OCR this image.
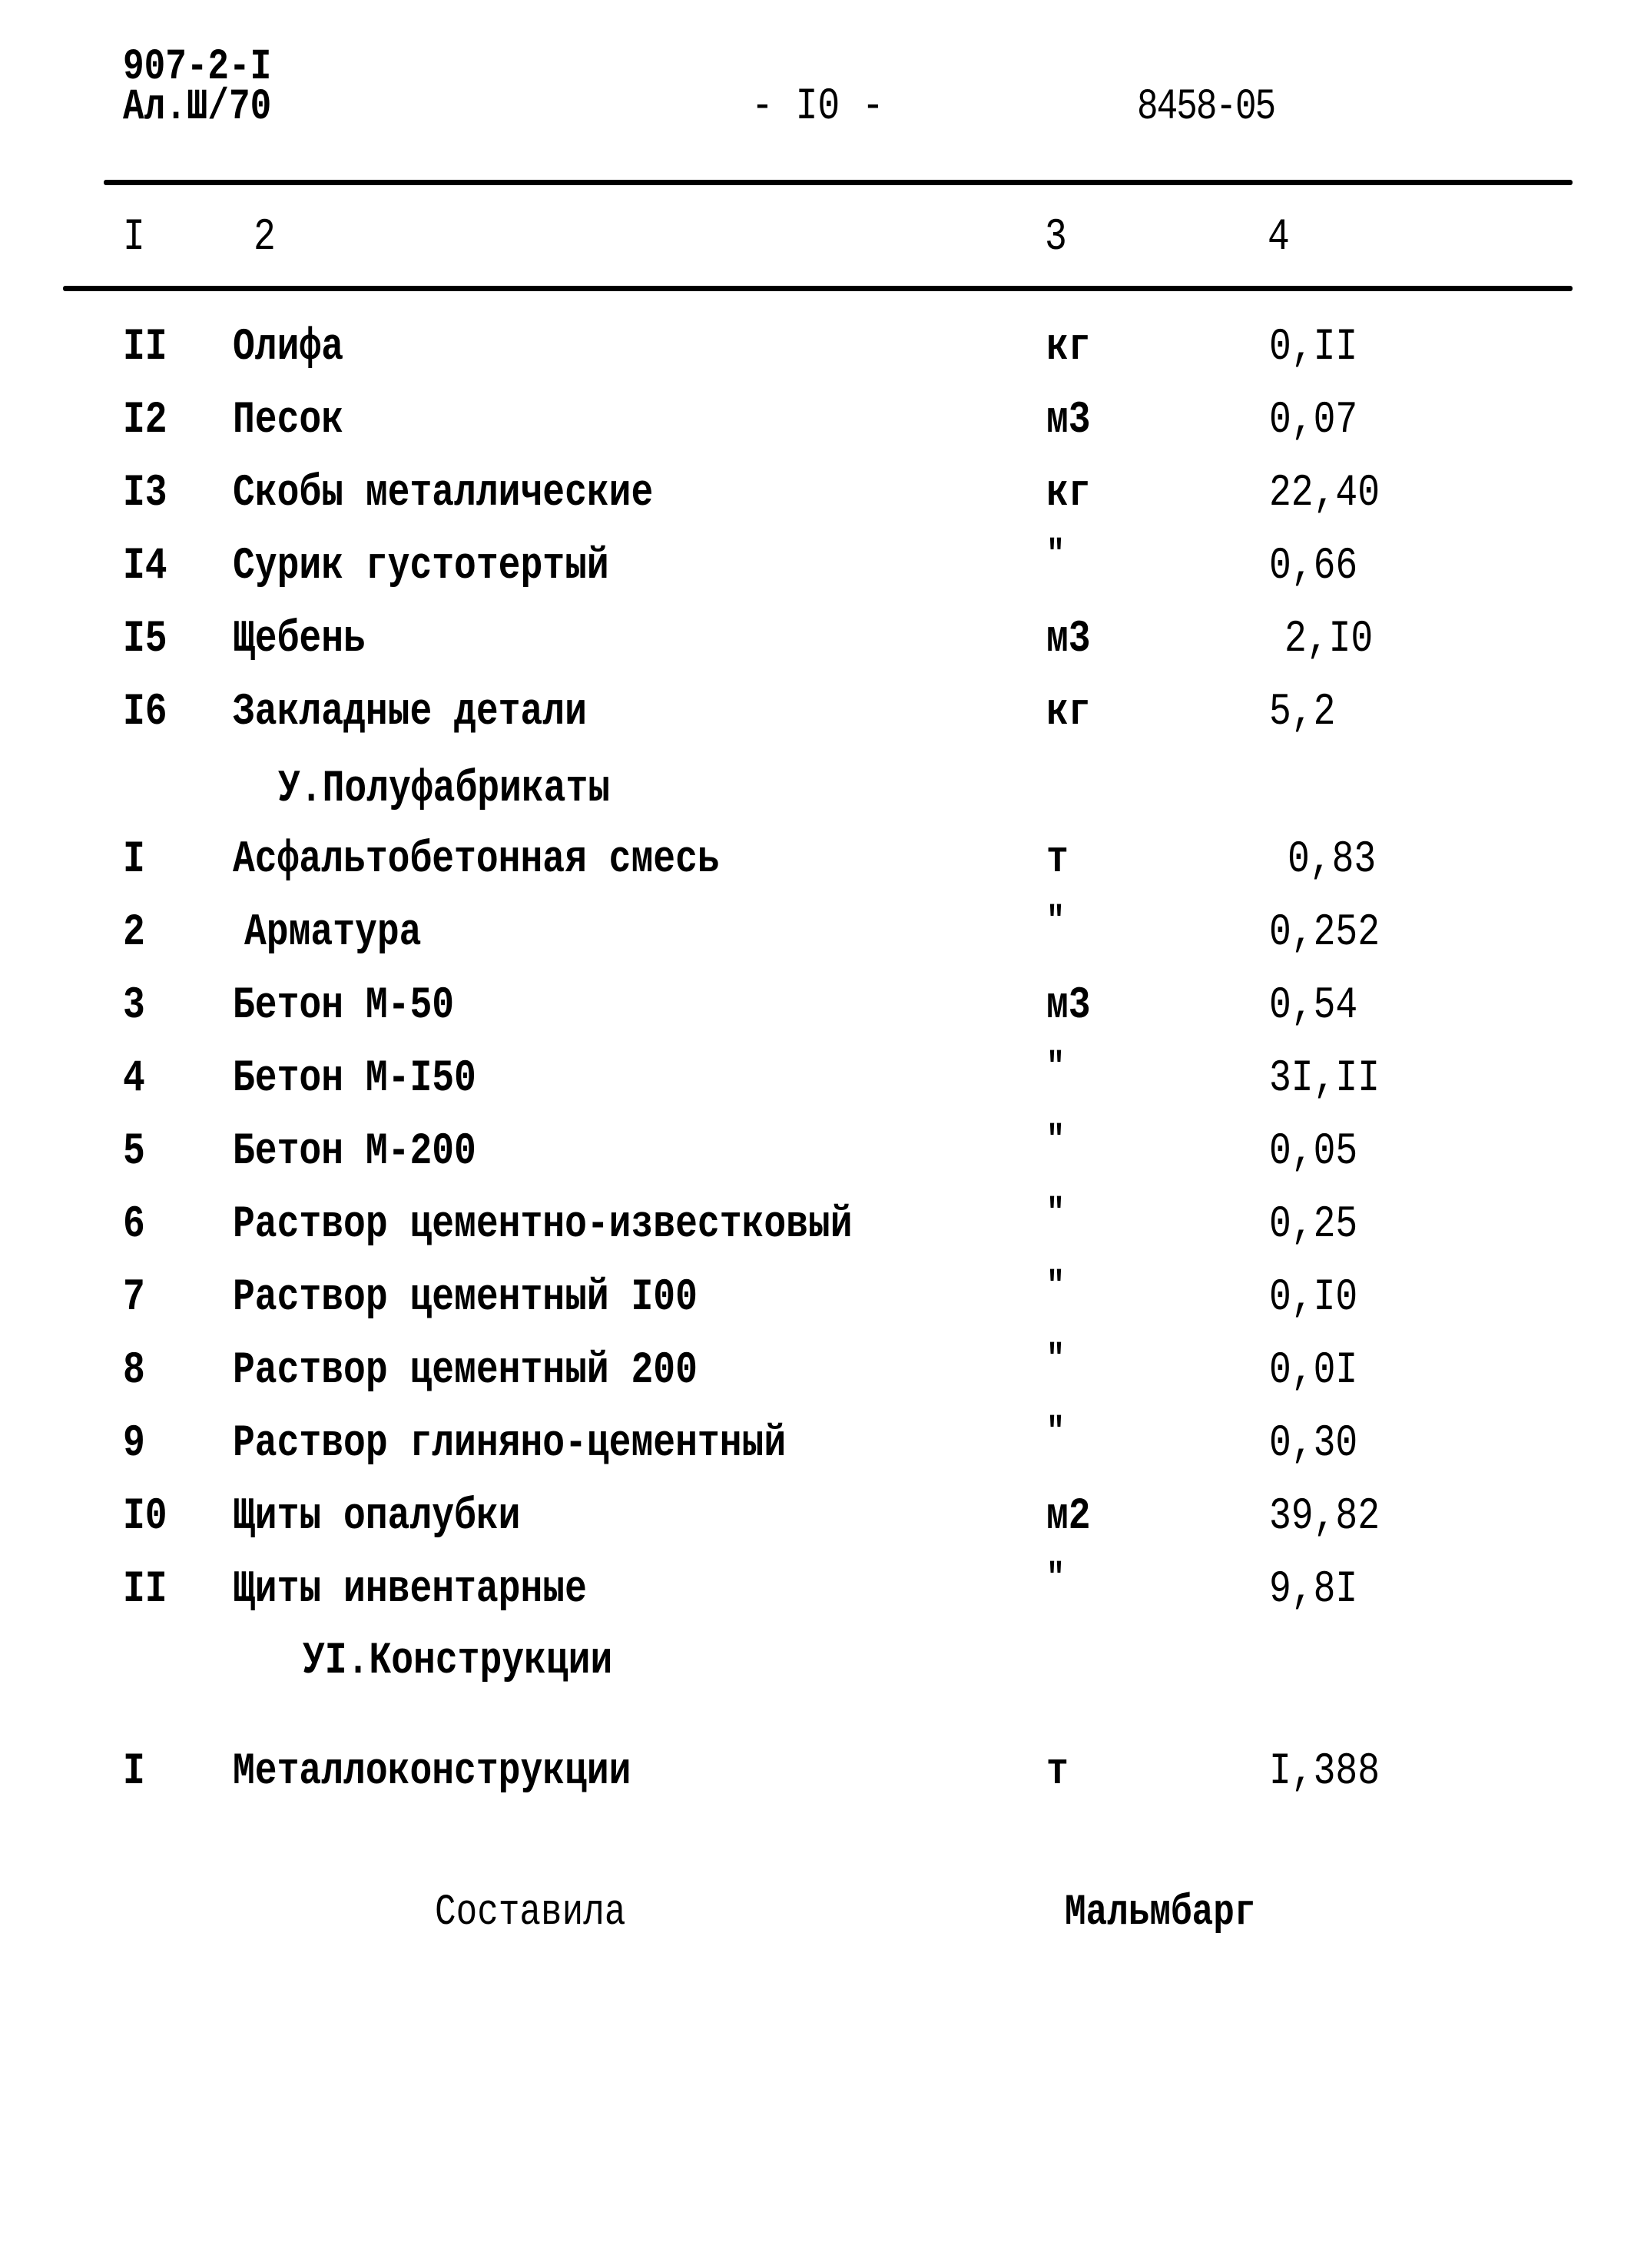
907-2-I
Ал.Ш/70	- I0 -	8458-05
I	2	3	4
II Олифа	кг	0,II
I2 Песок	м3	0,07
I3 Скобы металлические	кг	22,40
I4 Сурик густотертый	"	0,66
I5 Щебень	м3	2,I0
I6 Закладные детали	кг	5,2
У.Полуфабрикаты
I Асфальтобетонная смесь	т	0,83
2	Арматура	"	0,252
3 Бетон М-50	м3	0,54
4 Бетон М-I50	"	3I,II
5 Бетон М-200	"	0,05
6 Раствор цементно-известковый	"	0,25
7 Раствор цементный I00	"	0,I0
8 Раствор цементный 200	"	0,0I
9 Раствор глиняно-цементный	"	0,30
I0 Щиты опалубки	м2	39,82
II Щиты инвентарные	"	9,8I
УI.Конструкции
I Металлоконструкции	т	I,388
Составила	Мальмбарг
